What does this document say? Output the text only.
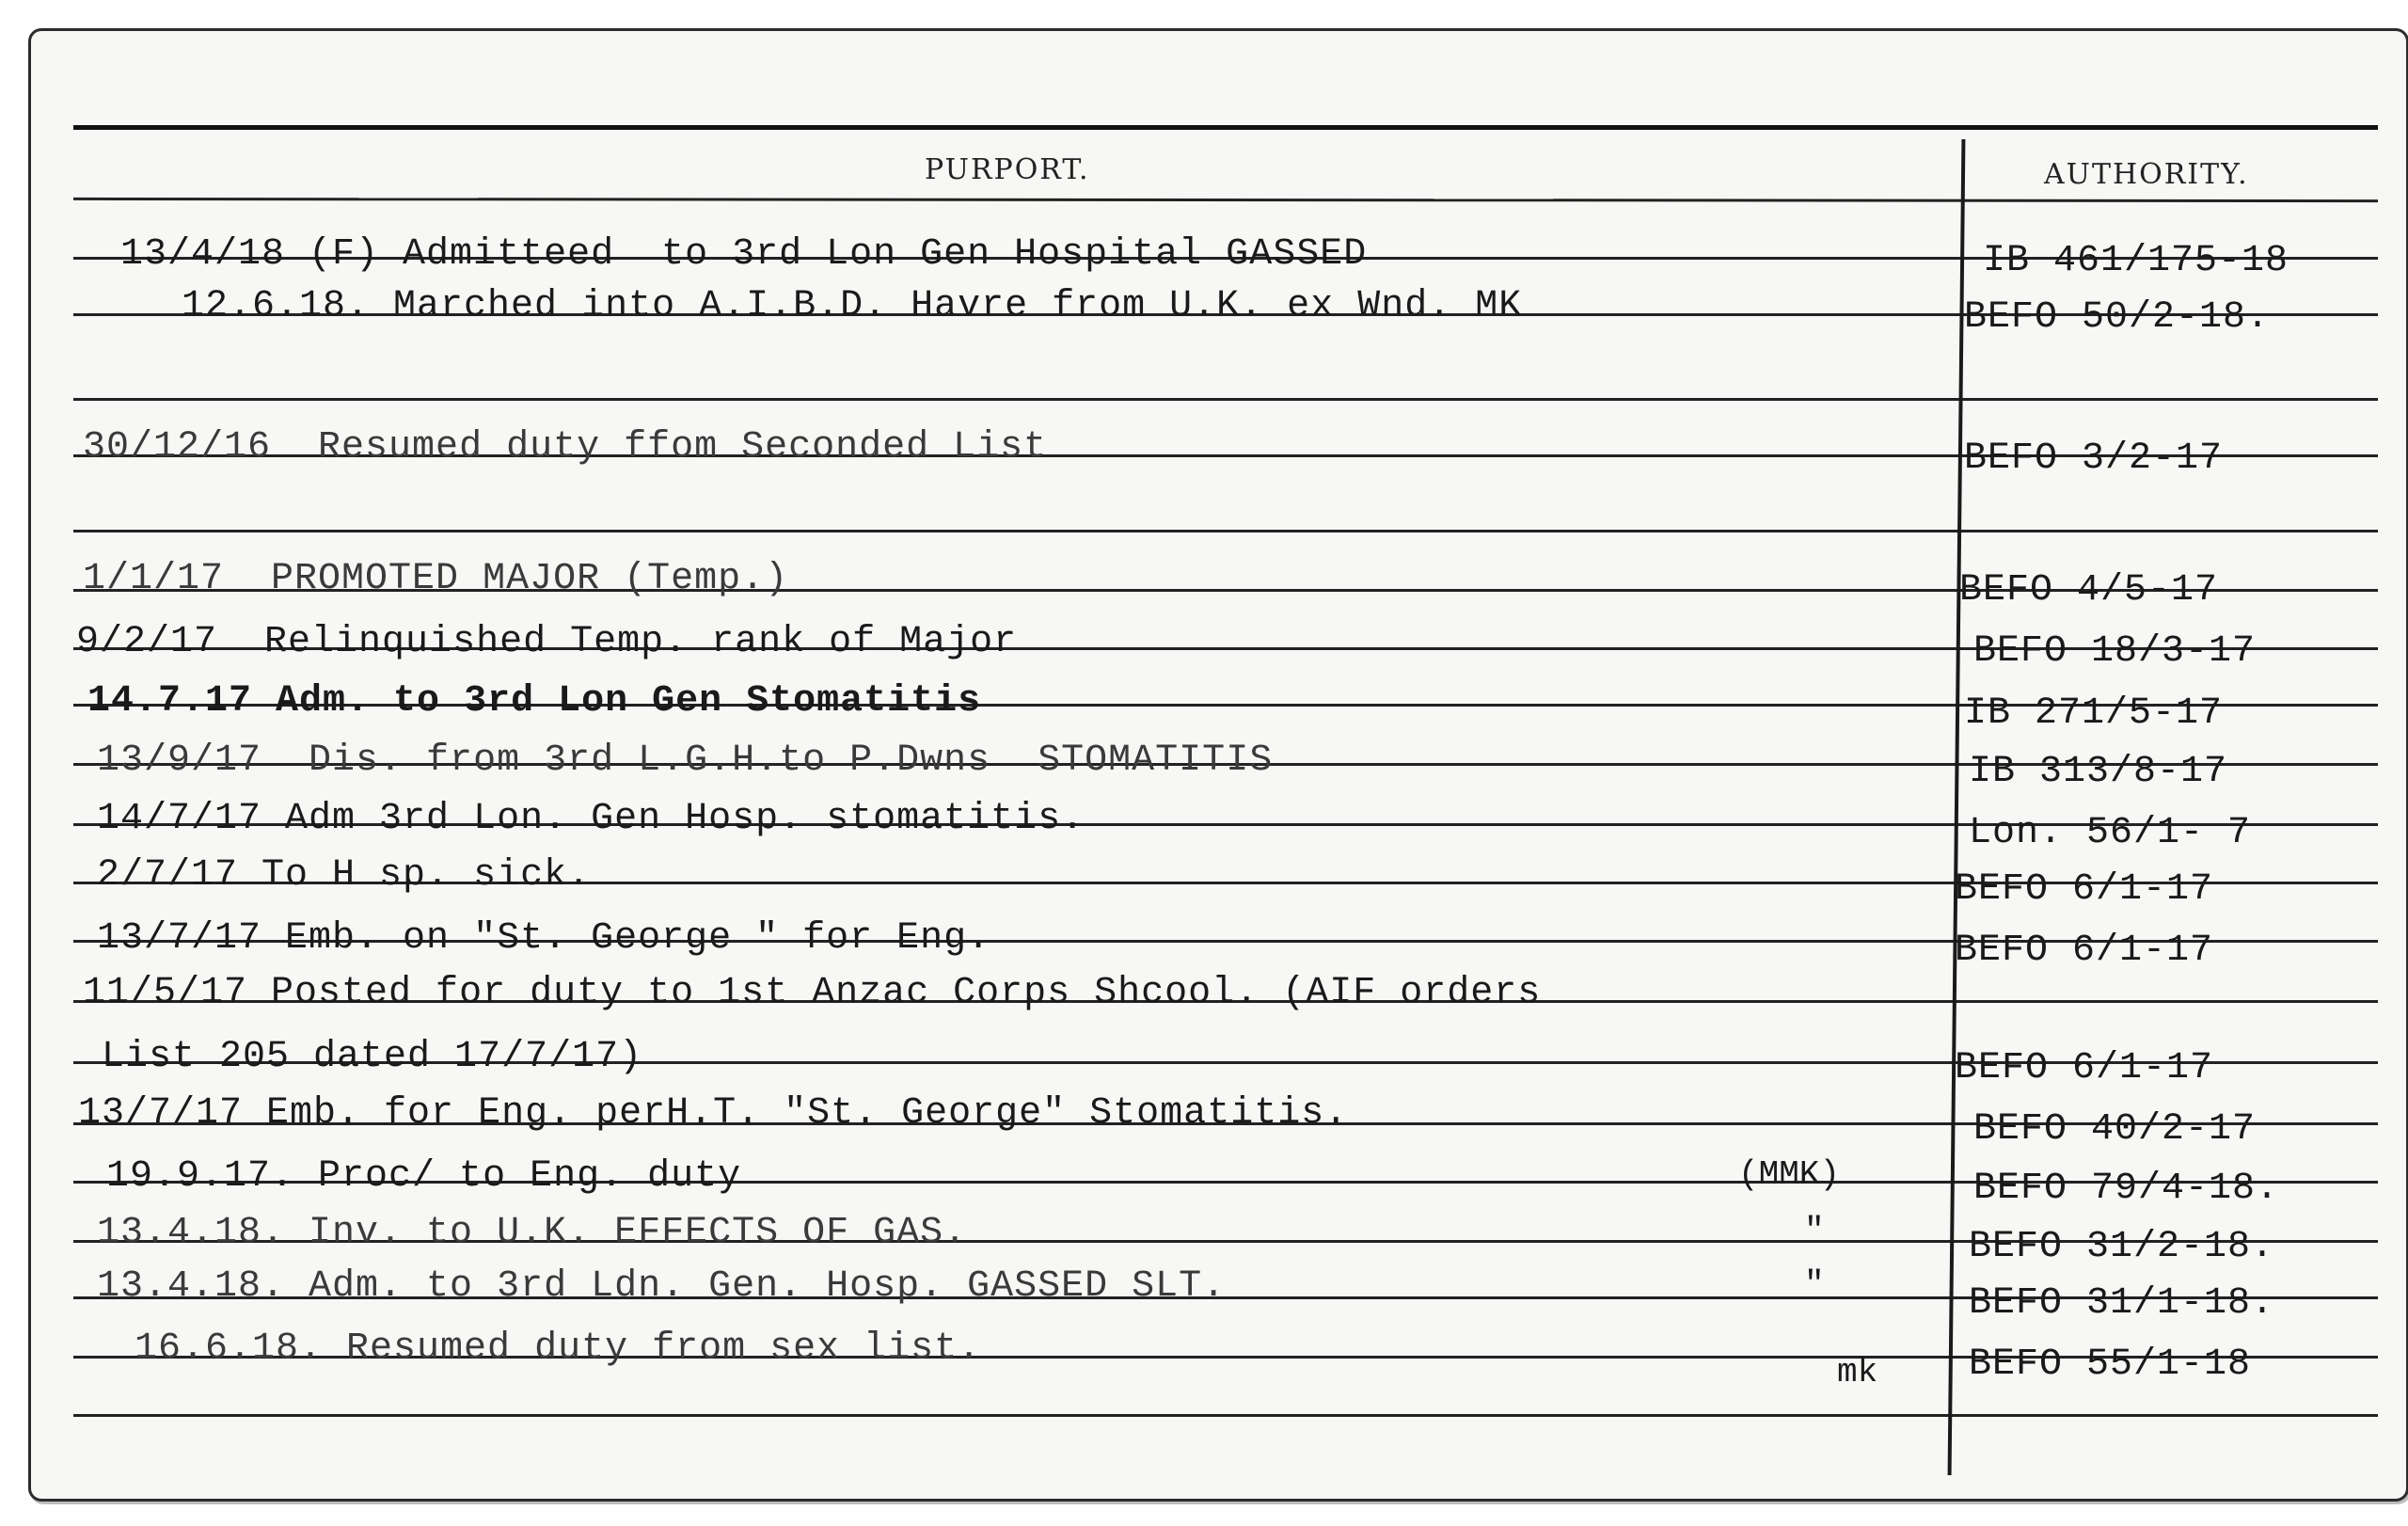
PURPORT.	AUTHORITY.
13/4/18 (F) Admitteed  to 3rd Lon Gen Hospital GASSED
12.6.18. Marched into A.I.B.D. Havre from U.K. ex Wnd. MK
30/12/16  Resumed duty ffom Seconded List
1/1/17  PROMOTED MAJOR (Temp.)
9/2/17  Relinquished Temp. rank of Major
14.7.17 Adm. to 3rd Lon Gen Stomatitis
13/9/17  Dis. from 3rd L.G.H.to P.Dwns  STOMATITIS
14/7/17 Adm 3rd Lon. Gen Hosp. stomatitis.
2/7/17 To H sp. sick.
13/7/17 Emb. on "St. George " for Eng.
11/5/17 Posted for duty to 1st Anzac Corps Shcool. (AIF orders
List 205 dated 17/7/17)
13/7/17 Emb. for Eng. perH.T. "St. George" Stomatitis.
19.9.17. Proc/ to Eng. duty
13.4.18. Inv. to U.K. EFFECTS OF GAS.
13.4.18. Adm. to 3rd Ldn. Gen. Hosp. GASSED SLT.
16.6.18. Resumed duty from sex list.
(MMK)
"
"
mk
IB 461/175-18
BEFO 50/2-18.
BEFO 3/2-17
BEFO 4/5-17
BEFO 18/3-17
IB 271/5-17
IB 313/8-17
Lon. 56/1- 7
BEFO 6/1-17
BEFO 6/1-17
BEFO 6/1-17
BEFO 40/2-17
BEFO 79/4-18.
BEFO 31/2-18.
BEFO 31/1-18.
BEFO 55/1-18
